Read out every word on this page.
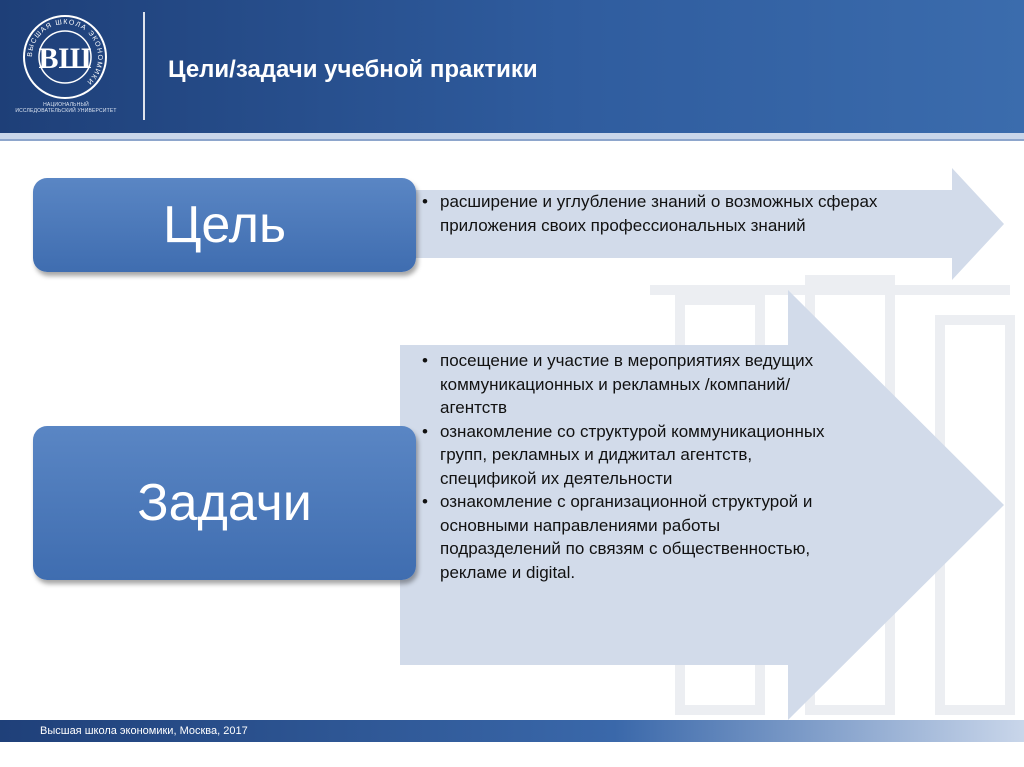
ВЫСШАЯ ШКОЛА ЭКОНОМИКИ
ВШ
НАЦИОНАЛЬНЫЙ ИССЛЕДОВАТЕЛЬСКИЙ УНИВЕРСИТЕТ
Цели/задачи учебной практики
Цель
Задачи
• расширение и углубление знаний о возможных сферах приложения своих профессиональных знаний
• посещение и участие в мероприятиях ведущих коммуникационных и рекламных /компаний/агентств
• ознакомление со структурой коммуникационных групп, рекламных и диджитал агентств, спецификой их деятельности
• ознакомление с организационной структурой и основными направлениями работы подразделений по связям с общественностью, рекламе и digital.
Высшая школа экономики, Москва, 2017
